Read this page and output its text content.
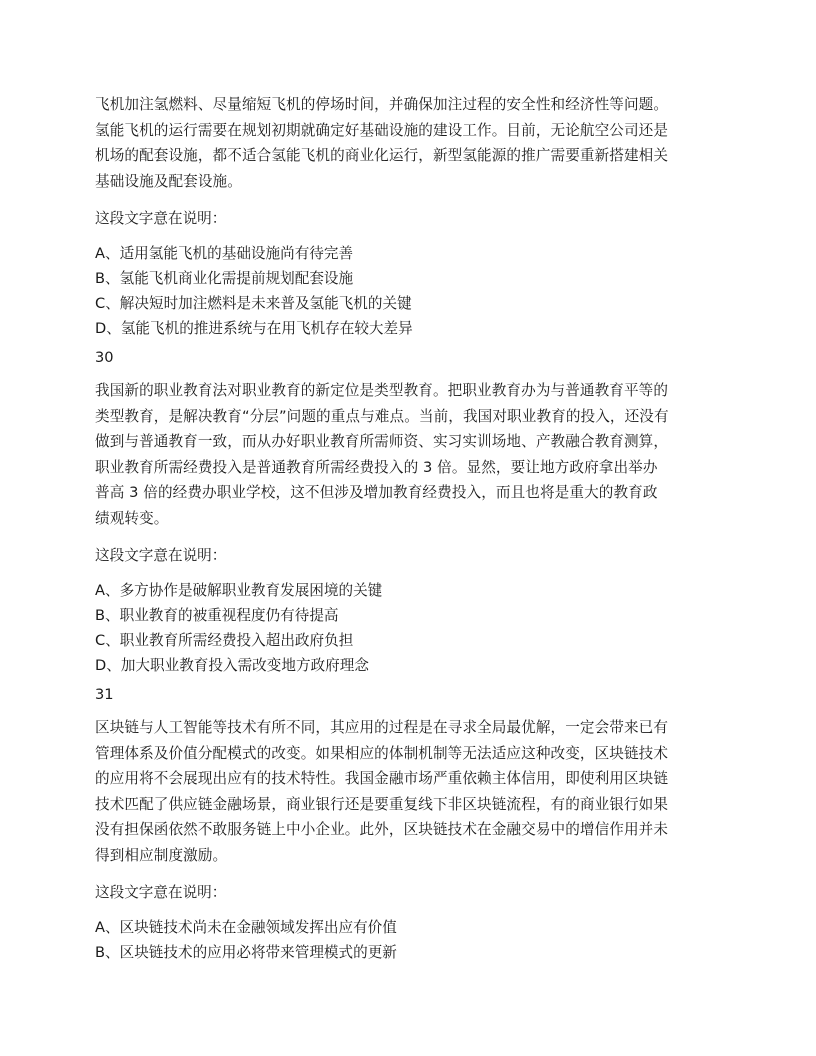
飞机加注氢燃料、尽量缩短飞机的停场时间，并确保加注过程的安全性和经济性等问题。

氢能飞机的运行需要在规划初期就确定好基础设施的建设工作。目前，无论航空公司还是

机场的配套设施，都不适合氢能飞机的商业化运行，新型氢能源的推广需要重新搭建相关

基础设施及配套设施。

这段文字意在说明：

A、适用氢能飞机的基础设施尚有待完善

B、氢能飞机商业化需提前规划配套设施

C、解决短时加注燃料是未来普及氢能飞机的关键

D、氢能飞机的推进系统与在用飞机存在较大差异

30

我国新的职业教育法对职业教育的新定位是类型教育。把职业教育办为与普通教育平等的

类型教育，是解决教育“分层”问题的重点与难点。当前，我国对职业教育的投入，还没有

做到与普通教育一致，而从办好职业教育所需师资、实习实训场地、产教融合教育测算，

职业教育所需经费投入是普通教育所需经费投入的 3 倍。显然，要让地方政府拿出举办

普高 3 倍的经费办职业学校，这不但涉及增加教育经费投入，而且也将是重大的教育政

绩观转变。

这段文字意在说明：

A、多方协作是破解职业教育发展困境的关键

B、职业教育的被重视程度仍有待提高

C、职业教育所需经费投入超出政府负担

D、加大职业教育投入需改变地方政府理念

31

区块链与人工智能等技术有所不同，其应用的过程是在寻求全局最优解，一定会带来已有

管理体系及价值分配模式的改变。如果相应的体制机制等无法适应这种改变，区块链技术

的应用将不会展现出应有的技术特性。我国金融市场严重依赖主体信用，即使利用区块链

技术匹配了供应链金融场景，商业银行还是要重复线下非区块链流程，有的商业银行如果

没有担保函依然不敢服务链上中小企业。此外，区块链技术在金融交易中的增信作用并未

得到相应制度激励。

这段文字意在说明：

A、区块链技术尚未在金融领域发挥出应有价值

B、区块链技术的应用必将带来管理模式的更新
